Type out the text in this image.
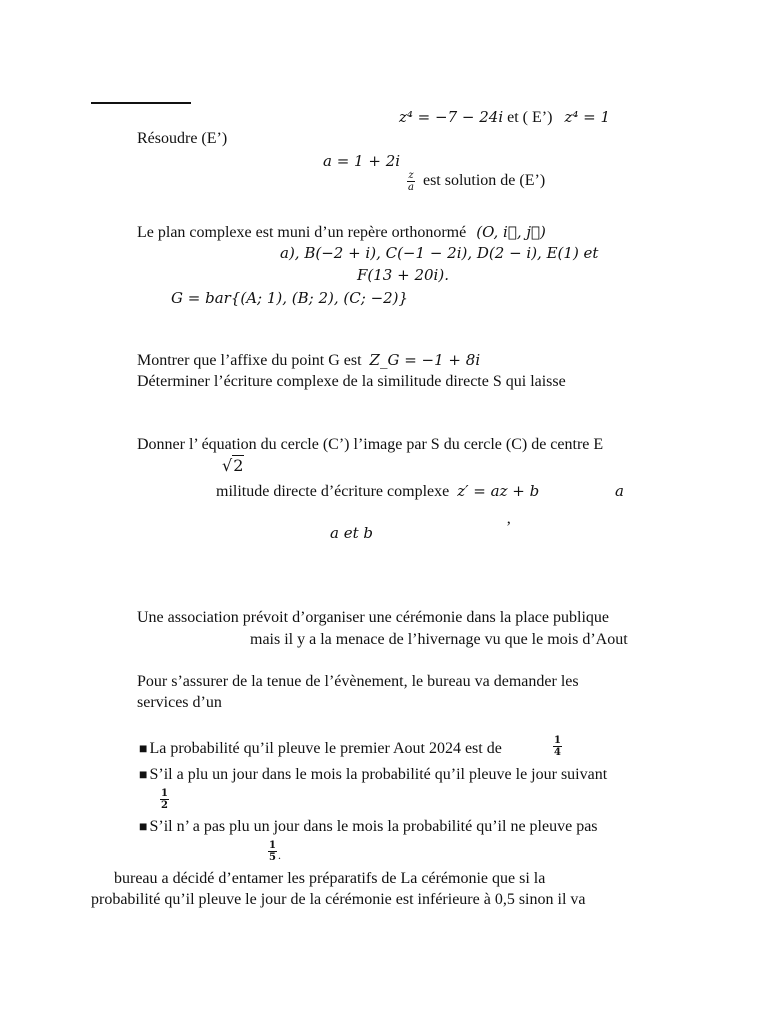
z⁴ = −7 − 24i et ( E’) z⁴ = 1
Résoudre (E’)
a = 1 + 2i
$\frac{z}{a}$ est solution de (E’)
Le plan complexe est muni d’un repère orthonormé (O, i⃗, j⃗)
a), B(−2 + i), C(−1 − 2i), D(2 − i), E(1) et
F(13 + 20i).
G = bar{(A; 1), (B; 2), (C; −2)}
Montrer que l’affixe du point G est Z_G = −1 + 8i
Déterminer l’écriture complexe de la similitude directe S qui laisse
Donner l’ équation du cercle (C’) l’image par S du cercle (C) de centre E
√2
militude directe d’écriture complexe z′ = az + b	a
a et b	’
Une association prévoit d’organiser une cérémonie dans la place publique
mais il y a la menace de l’hivernage vu que le mois d’Aout
Pour s’assurer de la tenue de l’évènement, le bureau va demander les
services d’un
■ La probabilité qu’il pleuve le premier Aout 2024 est de	$\frac{1}{4}$
■ S’il a plu un jour dans le mois la probabilité qu’il pleuve le jour suivant
$\frac{1}{2}$
■ S’il n’ a pas plu un jour dans le mois la probabilité qu’il ne pleuve pas
$\frac{1}{5}$ .
bureau a décidé d’entamer les préparatifs de La cérémonie que si la
probabilité qu’il pleuve le jour de la cérémonie est inférieure à 0,5 sinon il va
